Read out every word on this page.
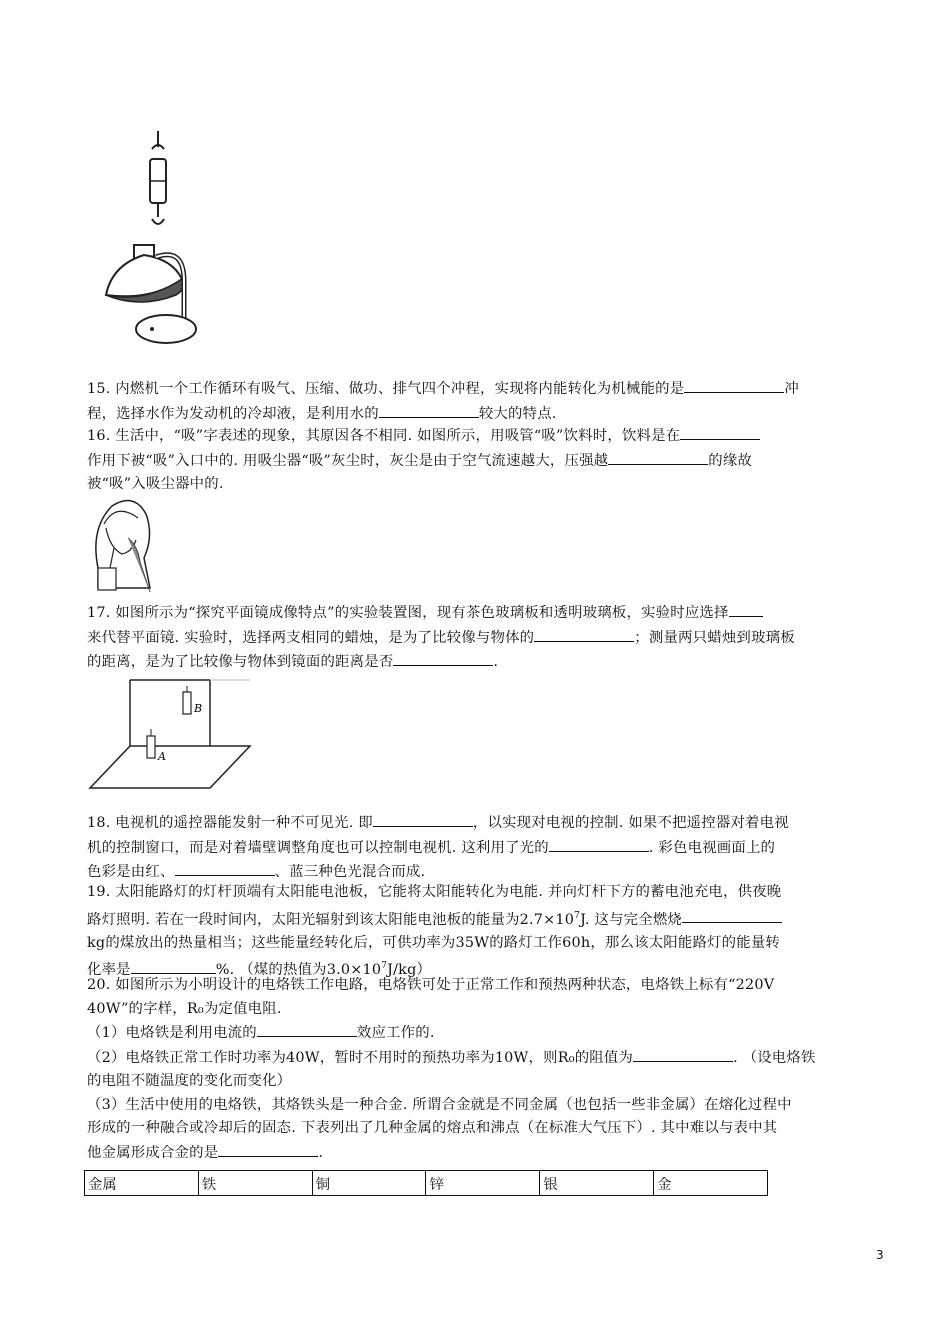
B
A
15. 内燃机一个工作循环有吸气、压缩、做功、排气四个冲程，实现将内能转化为机械能的是	冲
程，选择水作为发动机的冷却液，是利用水的	较大的特点.
16. 生活中，“吸”字表述的现象，其原因各不相同. 如图所示，用吸管“吸”饮料时，饮料是在
作用下被“吸”入口中的. 用吸尘器“吸”灰尘时，灰尘是由于空气流速越大，压强越	的缘故
被“吸”入吸尘器中的.
17. 如图所示为“探究平面镜成像特点”的实验装置图，现有茶色玻璃板和透明玻璃板，实验时应选择
来代替平面镜. 实验时，选择两支相同的蜡烛，是为了比较像与物体的	；测量两只蜡烛到玻璃板
的距离，是为了比较像与物体到镜面的距离是否	.
18. 电视机的遥控器能发射一种不可见光. 即	，以实现对电视的控制. 如果不把遥控器对着电视
机的控制窗口，而是对着墙壁调整角度也可以控制电视机. 这利用了光的	. 彩色电视画面上的
色彩是由红、	、蓝三种色光混合而成.
19. 太阳能路灯的灯杆顶端有太阳能电池板，它能将太阳能转化为电能. 并向灯杆下方的蓄电池充电，供夜晚
路灯照明. 若在一段时间内，太阳光辐射到该太阳能电池板的能量为$2.7\times 10^7J$. 这与完全燃烧
kg的煤放出的热量相当；这些能量经转化后，可供功率为35W的路灯工作60h，那么该太阳能路灯的能量转
化率是	%. （煤的热值为$3.0\times 10^7J/kg$）
20. 如图所示为小明设计的电烙铁工作电路，电烙铁可处于正常工作和预热两种状态，电烙铁上标有“220V
40W”的字样，R₀为定值电阻.
（1）电烙铁是利用电流的	效应工作的.
（2）电烙铁正常工作时功率为40W，暂时不用时的预热功率为10W，则R₀的阻值为	. （设电烙铁
的电阻不随温度的变化而变化）
（3）生活中使用的电烙铁，其烙铁头是一种合金. 所谓合金就是不同金属（也包括一些非金属）在熔化过程中
形成的一种融合或冷却后的固态. 下表列出了几种金属的熔点和沸点（在标准大气压下）. 其中难以与表中其
他金属形成合金的是	.
金属	铁	铜	锌	银	金
3
